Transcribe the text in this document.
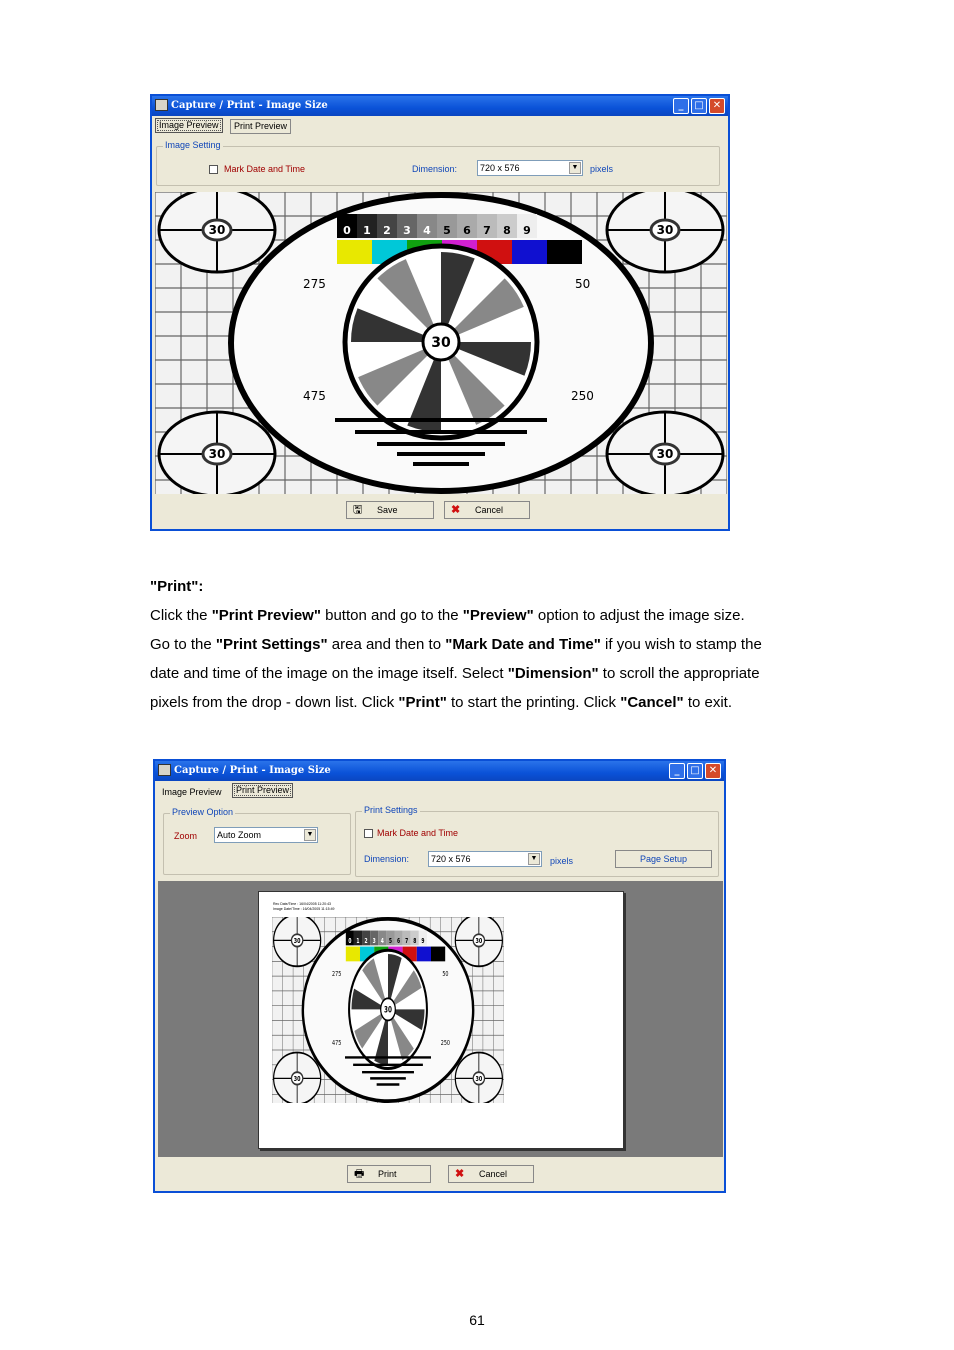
Capture / Print - Image Size	_	□ ✕
Image Preview	Print Preview
Image Setting
Mark Date and Time	Dimension:	720 x 576	▼ pixels
30	30
30	30
0 1 2 3 4 5 6 7 8 9
275
475
50
250
30
🖫 Save	✖ Cancel
"Print":
Click the "Print Preview" button and go to the "Preview" option to adjust the image size. Go to the "Print Settings" area and then to "Mark Date and Time" if you wish to stamp the date and time of the image on the image itself. Select "Dimension" to scroll the appropriate pixels from the drop - down list. Click "Print" to start the printing. Click "Cancel" to exit.
Capture / Print - Image Size	_	□ ✕
Image Preview	Print Preview
Preview Option
Zoom	Auto Zoom	▼
Print Settings
Mark Date and Time
Dimension:	720 x 576	▼ pixels	Page Setup
Rec Date/Time : 16/04/2005 11:20:43
Image Date/Time : 16/04/2005 11:15:49
30	30
30	30
0 1 2 3 4 5 6 7 8 9
275
475
50
250
30
🖶 Print	✖ Cancel
61
